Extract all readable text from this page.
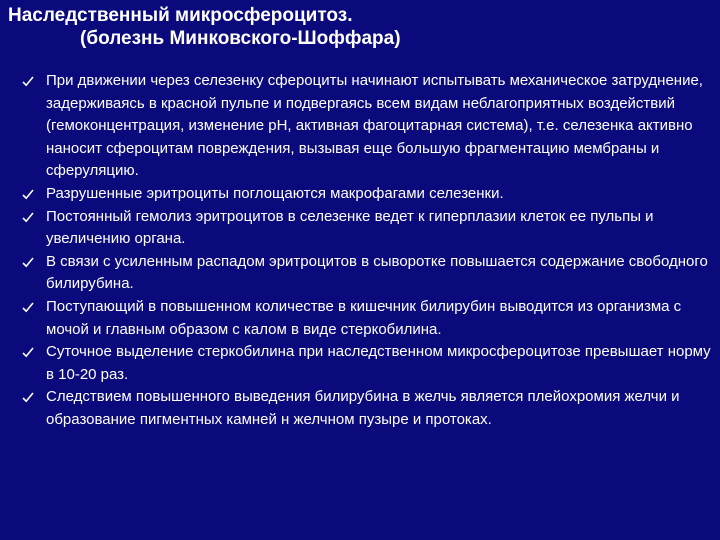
Наследственный микросфероцитоз.
(болезнь Минковского-Шоффара)
При движении через селезенку сфероциты начинают испытывать механическое затруднение, задерживаясь в красной пульпе и подвергаясь всем видам неблагоприятных воздействий (гемоконцентрация, изменение pH, активная фагоцитарная система), т.е. селезенка активно наносит сфероцитам повреждения, вызывая еще большую фрагментацию мембраны и сферуляцию.
Разрушенные эритроциты поглощаются макрофагами селезенки.
Постоянный гемолиз эритроцитов в селезенке ведет к гиперплазии клеток ее пульпы и увеличению органа.
В связи с усиленным распадом эритроцитов в сыворотке повышается содержание свободного билирубина.
Поступающий в повышенном количестве в кишечник билирубин выводится из организма с мочой и главным образом с калом в виде стеркобилина.
Суточное выделение стеркобилина при наследственном микросфероцитозе превышает норму в 10-20 раз.
Следствием повышенного выведения билирубина в желчь является плейохромия желчи и образование пигментных камней н желчном пузыре и протоках.
